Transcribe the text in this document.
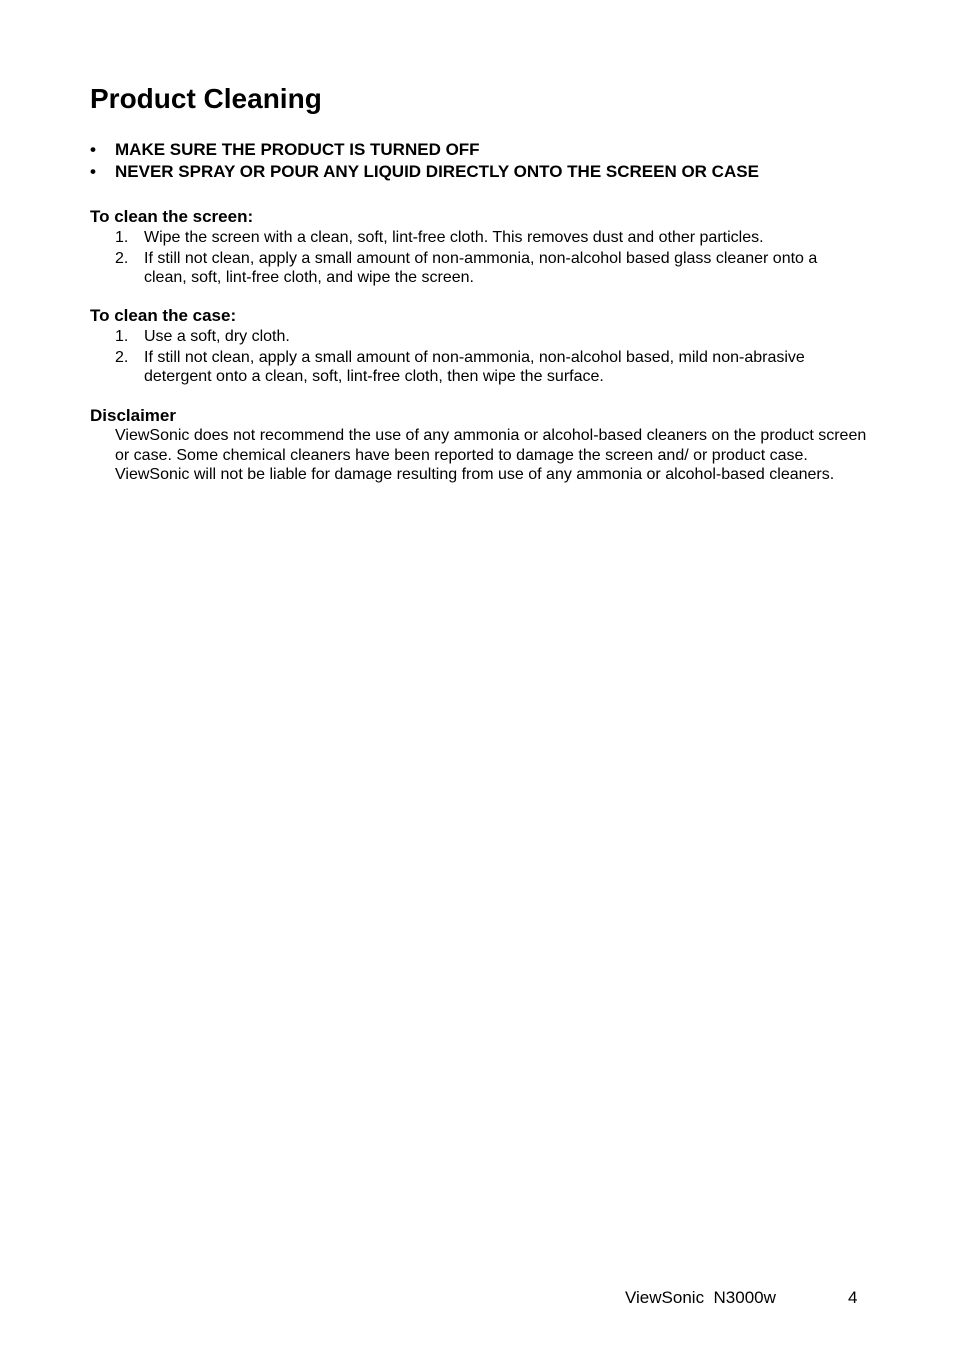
Product Cleaning
• MAKE SURE THE PRODUCT IS TURNED OFF
• NEVER SPRAY OR POUR ANY LIQUID DIRECTLY ONTO THE SCREEN OR CASE
To clean the screen:
1. Wipe the screen with a clean, soft, lint-free cloth. This removes dust and other particles.
2. If still not clean, apply a small amount of non-ammonia, non-alcohol based glass cleaner onto a clean, soft, lint-free cloth, and wipe the screen.
To clean the case:
1. Use a soft, dry cloth.
2. If still not clean, apply a small amount of non-ammonia, non-alcohol based, mild non-abrasive detergent onto a clean, soft, lint-free cloth, then wipe the surface.
Disclaimer

ViewSonic does not recommend the use of any ammonia or alcohol-based cleaners on the product screen or case. Some chemical cleaners have been reported to damage the screen and/ or product case. ViewSonic will not be liable for damage resulting from use of any ammonia or alcohol-based cleaners.

ViewSonic  N3000w	4
